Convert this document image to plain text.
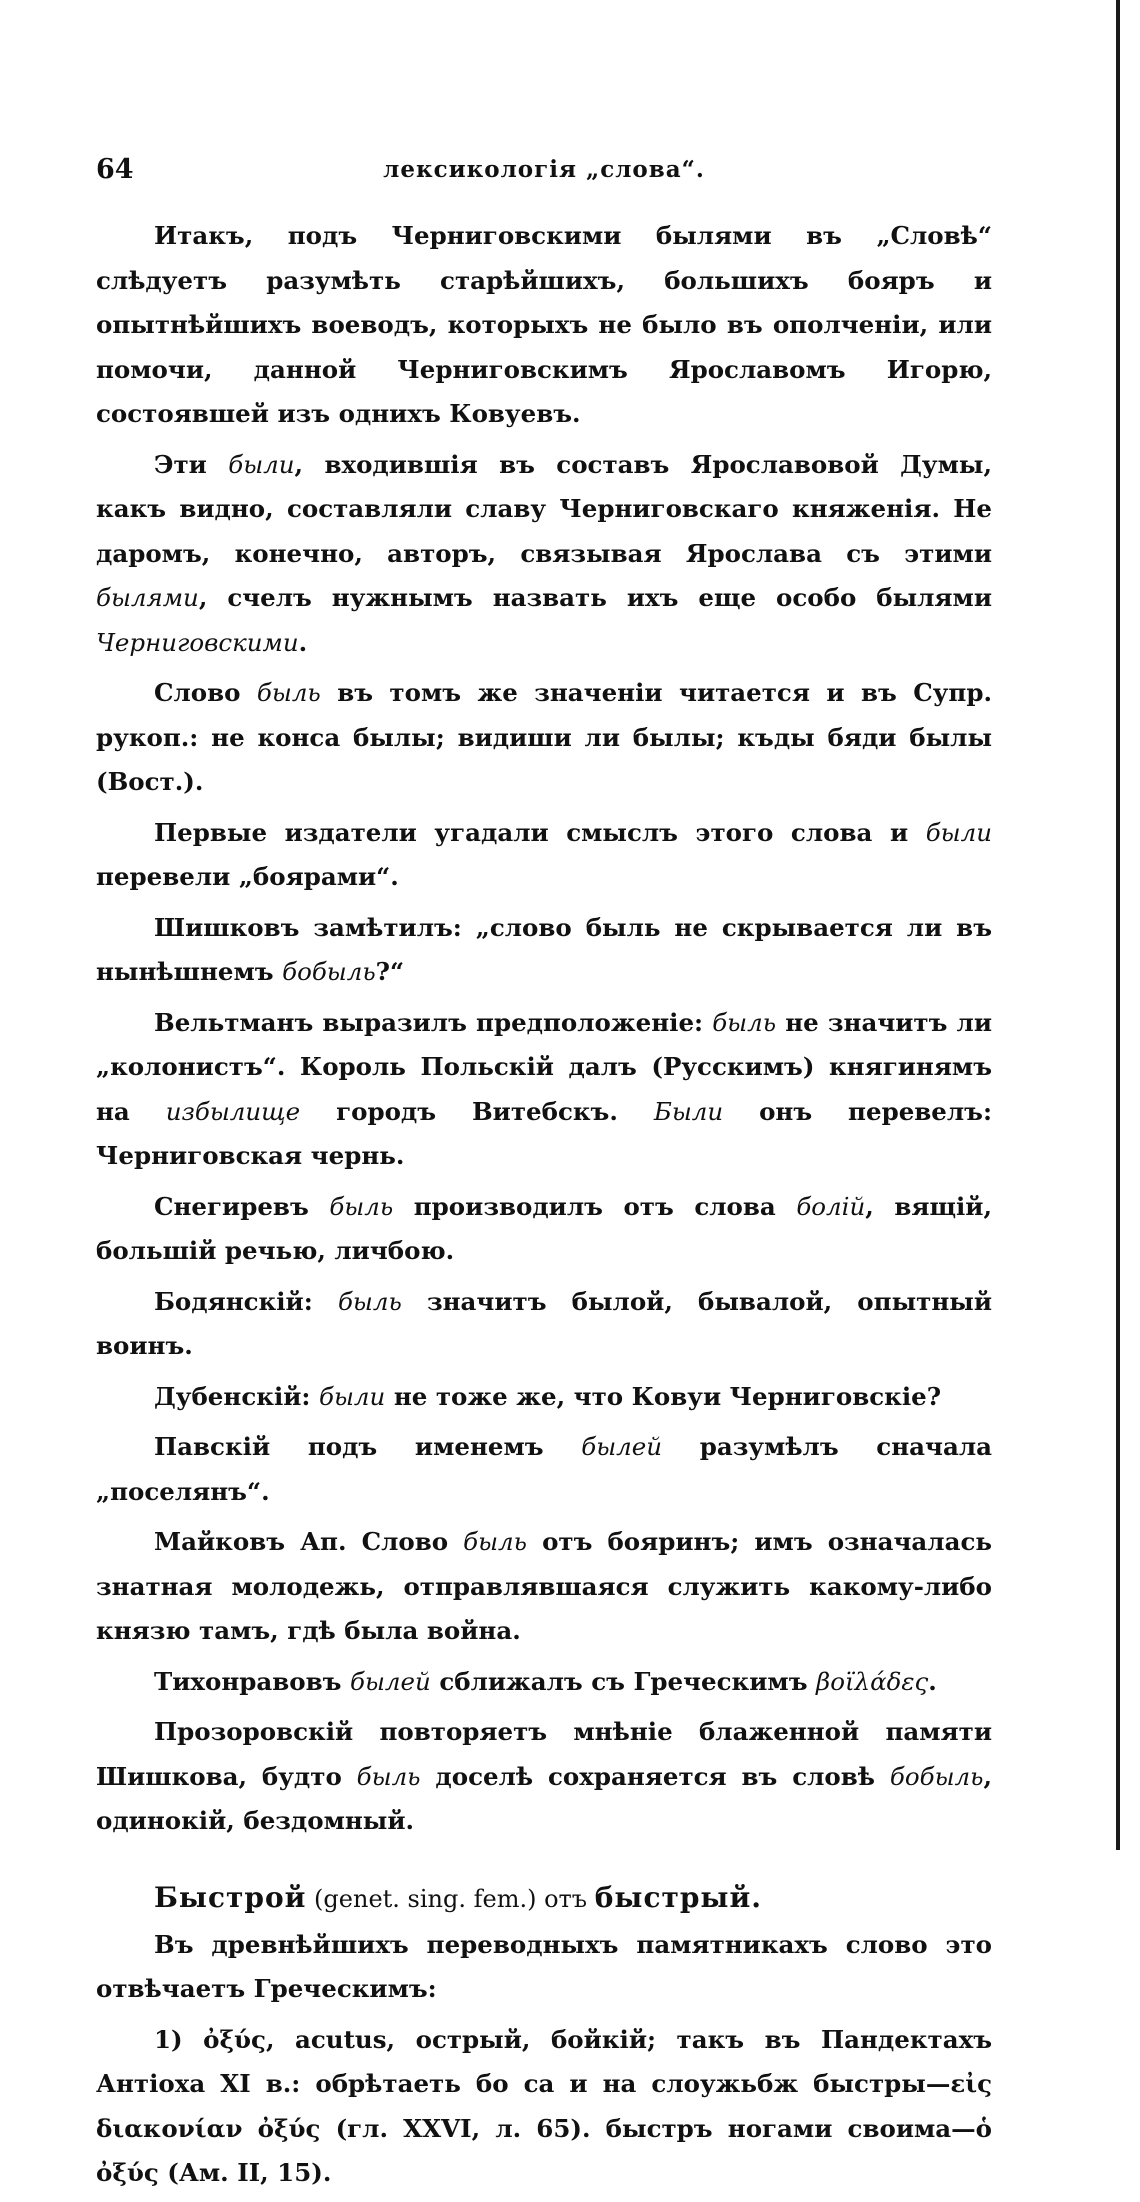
64	лексикологія „слова“.

Итакъ, подъ Черниговскими былями въ „Словѣ“ слѣдуетъ разумѣть старѣйшихъ, большихъ бояръ и опытнѣйшихъ воеводъ, которыхъ не было въ ополченіи, или помочи, данной Черниговскимъ Ярославомъ Игорю, состоявшей изъ однихъ Ковуевъ.

Эти были, входившія въ составъ Ярославовой Думы, какъ видно, составляли славу Черниговскаго княженія. Не даромъ, конечно, авторъ, связывая Ярослава съ этими былями, счелъ нужнымъ назвать ихъ еще особо былями Черниговскими.

Слово быль въ томъ же значеніи читается и въ Супр. рукоп.: не конса былы; видиши ли былы; къды бяди былы (Вост.).

Первые издатели угадали смыслъ этого слова и были перевели „боярами“.

Шишковъ замѣтилъ: „слово быль не скрывается ли въ нынѣшнемъ бобыль?“

Вельтманъ выразилъ предположеніе: быль не значитъ ли „колонистъ“. Король Польскій далъ (Русскимъ) княгинямъ на избылище городъ Витебскъ. Были онъ перевелъ: Черниговская чернь.

Снегиревъ быль производилъ отъ слова болій, вящій, большій речью, личбою.

Бодянскій: быль значитъ былой, бывалой, опытный воинъ.

Дубенскій: были не тоже же, что Ковуи Черниговскіе?

Павскій подъ именемъ былей разумѣлъ сначала „поселянъ“.

Майковъ Ап. Слово быль отъ бояринъ; имъ означалась знатная молодежь, отправлявшаяся служить какому-либо князю тамъ, гдѣ была война.

Тихонравовъ былей сближалъ съ Греческимъ βοϊλάδες.

Прозоровскій повторяетъ мнѣніе блаженной памяти Шишкова, будто быль доселѣ сохраняется въ словѣ бобыль, одинокій, бездомный.

Быстрой (genet. sing. fem.) отъ быстрый.

Въ древнѣйшихъ переводныхъ памятникахъ слово это отвѣчаетъ Греческимъ:

1) ὀξύς, acutus, острый, бойкій; такъ въ Пандектахъ Антіоха XI в.: обрѣтаеть бо са и на слоужьбж быстры—εἰς διακονίαν ὀξύς (гл. XXVI, л. 65). быстръ ногами своима—ὁ ὀξύς (Ам. II, 15).
